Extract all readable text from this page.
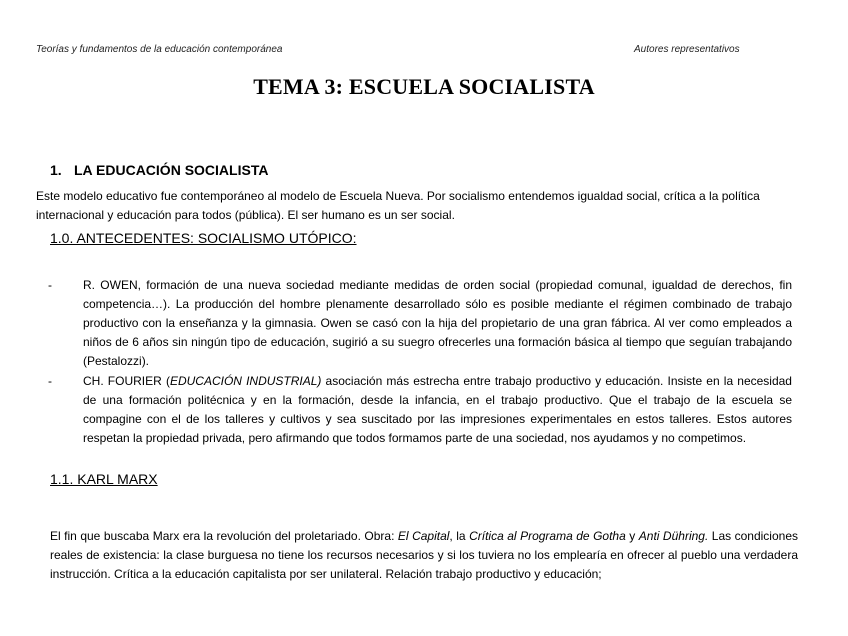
Teorías y fundamentos de la educación contemporánea	Autores representativos
TEMA 3: ESCUELA SOCIALISTA
1. LA EDUCACIÓN SOCIALISTA
Este modelo educativo fue contemporáneo al modelo de Escuela Nueva. Por socialismo entendemos igualdad social, crítica a la política internacional y educación para todos (pública). El ser humano es un ser social.
1.0. ANTECEDENTES: SOCIALISMO UTÓPICO:
-	R. OWEN, formación de una nueva sociedad mediante medidas de orden social (propiedad comunal, igualdad de derechos, fin competencia…). La producción del hombre plenamente desarrollado sólo es posible mediante el régimen combinado de trabajo productivo con la enseñanza y la gimnasia. Owen se casó con la hija del propietario de una gran fábrica. Al ver como empleados a niños de 6 años sin ningún tipo de educación, sugirió a su suegro ofrecerles una formación básica al tiempo que seguían trabajando (Pestalozzi).
-	CH. FOURIER (EDUCACIÓN INDUSTRIAL) asociación más estrecha entre trabajo productivo y educación. Insiste en la necesidad de una formación politécnica y en la formación, desde la infancia, en el trabajo productivo. Que el trabajo de la escuela se compagine con el de los talleres y cultivos y sea suscitado por las impresiones experimentales en estos talleres. Estos autores respetan la propiedad privada, pero afirmando que todos formamos parte de una sociedad, nos ayudamos y no competimos.
1.1. KARL MARX
El fin que buscaba Marx era la revolución del proletariado. Obra: El Capital, la Crítica al Programa de Gotha y Anti Dühring. Las condiciones reales de existencia: la clase burguesa no tiene los recursos necesarios y si los tuviera no los emplearía en ofrecer al pueblo una verdadera instrucción. Crítica a la educación capitalista por ser unilateral. Relación trabajo productivo y educación;
